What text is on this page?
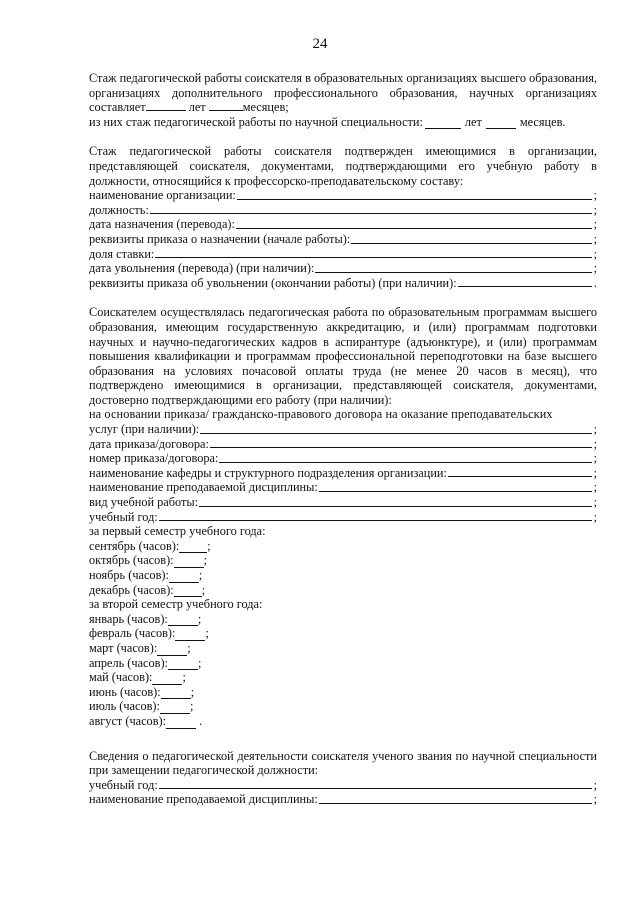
24

Стаж педагогической работы соискателя в образовательных организациях высшего образования, организациях дополнительного профессионального образования, научных организациях составляет	лет	месяцев;

из них стаж педагогической работы по научной специальности:	лет	месяцев.

Стаж педагогической работы соискателя подтвержден имеющимися в организации, представляющей соискателя, документами, подтверждающими его учебную работу в должности, относящийся к профессорско-преподавательскому составу:

наименование организации:	;
должность:	;
дата назначения (перевода):	;
реквизиты приказа о назначении (начале работы):	;
доля ставки:	;
дата увольнения (перевода) (при наличии):	;
реквизиты приказа об увольнении (окончании работы) (при наличии):	.

Соискателем осуществлялась педагогическая работа по образовательным программам высшего образования, имеющим государственную аккредитацию, и (или) программам подготовки научных и научно-педагогических кадров в аспирантуре (адъюнктуре), и (или) программам повышения квалификации и программам профессиональной переподготовки на базе высшего образования на условиях почасовой оплаты труда (не менее 20 часов в месяц), что подтверждено имеющимися в организации, представляющей соискателя, документами, достоверно подтверждающими его работу (при наличии):

на основании приказа/ гражданско-правового договора на оказание преподавательских
услуг (при наличии):	;
дата приказа/договора:	;
номер приказа/договора:	;
наименование кафедры и структурного подразделения организации:	;
наименование преподаваемой дисциплины:	;
вид учебной работы:	;
учебный год:	;
за первый семестр учебного года:
сентябрь (часов): ;
октябрь (часов): ;
ноябрь (часов): ;
декабрь (часов): ;
за второй семестр учебного года:
январь (часов): ;
февраль (часов): ;
март (часов): ;
апрель (часов): ;
май (часов): ;
июнь (часов): ;
июль (часов): ;
август (часов): .

Сведения о педагогической деятельности соискателя ученого звания по научной специальности при замещении педагогической должности:

учебный год:	;
наименование преподаваемой дисциплины:	;
